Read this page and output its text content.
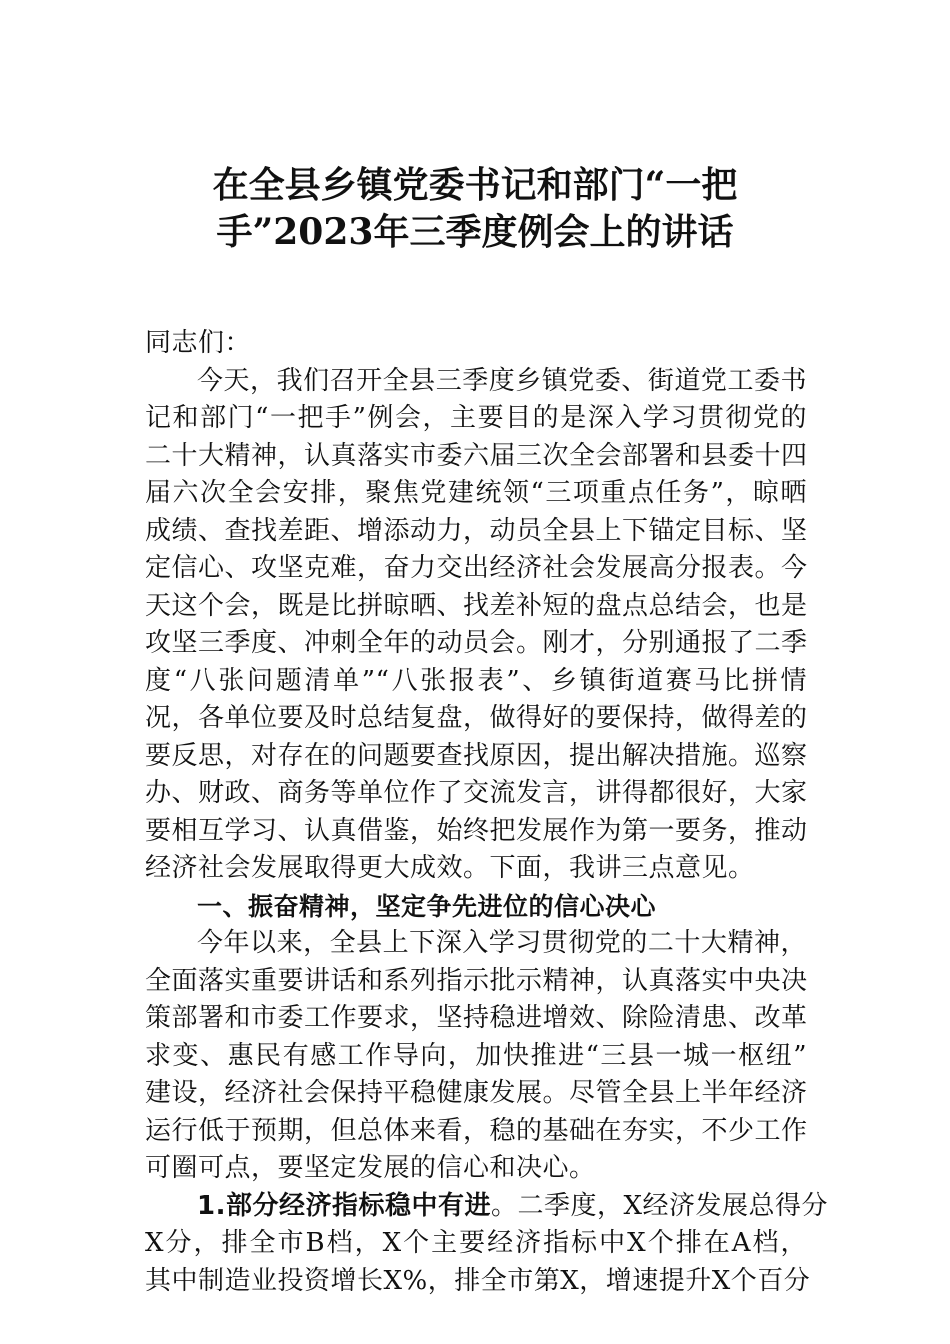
在全县乡镇党委书记和部门“一把
手”2023年三季度例会上的讲话
同志们：
今天，我们召开全县三季度乡镇党委、街道党工委书
记和部门“一把手”例会，主要目的是深入学习贯彻党的
二十大精神，认真落实市委六届三次全会部署和县委十四
届六次全会安排，聚焦党建统领“三项重点任务”，晾晒
成绩、查找差距、增添动力，动员全县上下锚定目标、坚
定信心、攻坚克难，奋力交出经济社会发展高分报表。今
天这个会，既是比拼晾晒、找差补短的盘点总结会，也是
攻坚三季度、冲刺全年的动员会。刚才，分别通报了二季
度“八张问题清单”“八张报表”、乡镇街道赛马比拼情
况，各单位要及时总结复盘，做得好的要保持，做得差的
要反思，对存在的问题要查找原因，提出解决措施。巡察
办、财政、商务等单位作了交流发言，讲得都很好，大家
要相互学习、认真借鉴，始终把发展作为第一要务，推动
经济社会发展取得更大成效。下面，我讲三点意见。
一、振奋精神，坚定争先进位的信心决心
今年以来，全县上下深入学习贯彻党的二十大精神，
全面落实重要讲话和系列指示批示精神，认真落实中央决
策部署和市委工作要求，坚持稳进增效、除险清患、改革
求变、惠民有感工作导向，加快推进“三县一城一枢纽”
建设，经济社会保持平稳健康发展。尽管全县上半年经济
运行低于预期，但总体来看，稳的基础在夯实，不少工作
可圈可点，要坚定发展的信心和决心。
1.部分经济指标稳中有进。二季度，X经济发展总得分
X分，排全市B档，X个主要经济指标中X个排在A档，
其中制造业投资增长X%，排全市第X，增速提升X个百分
